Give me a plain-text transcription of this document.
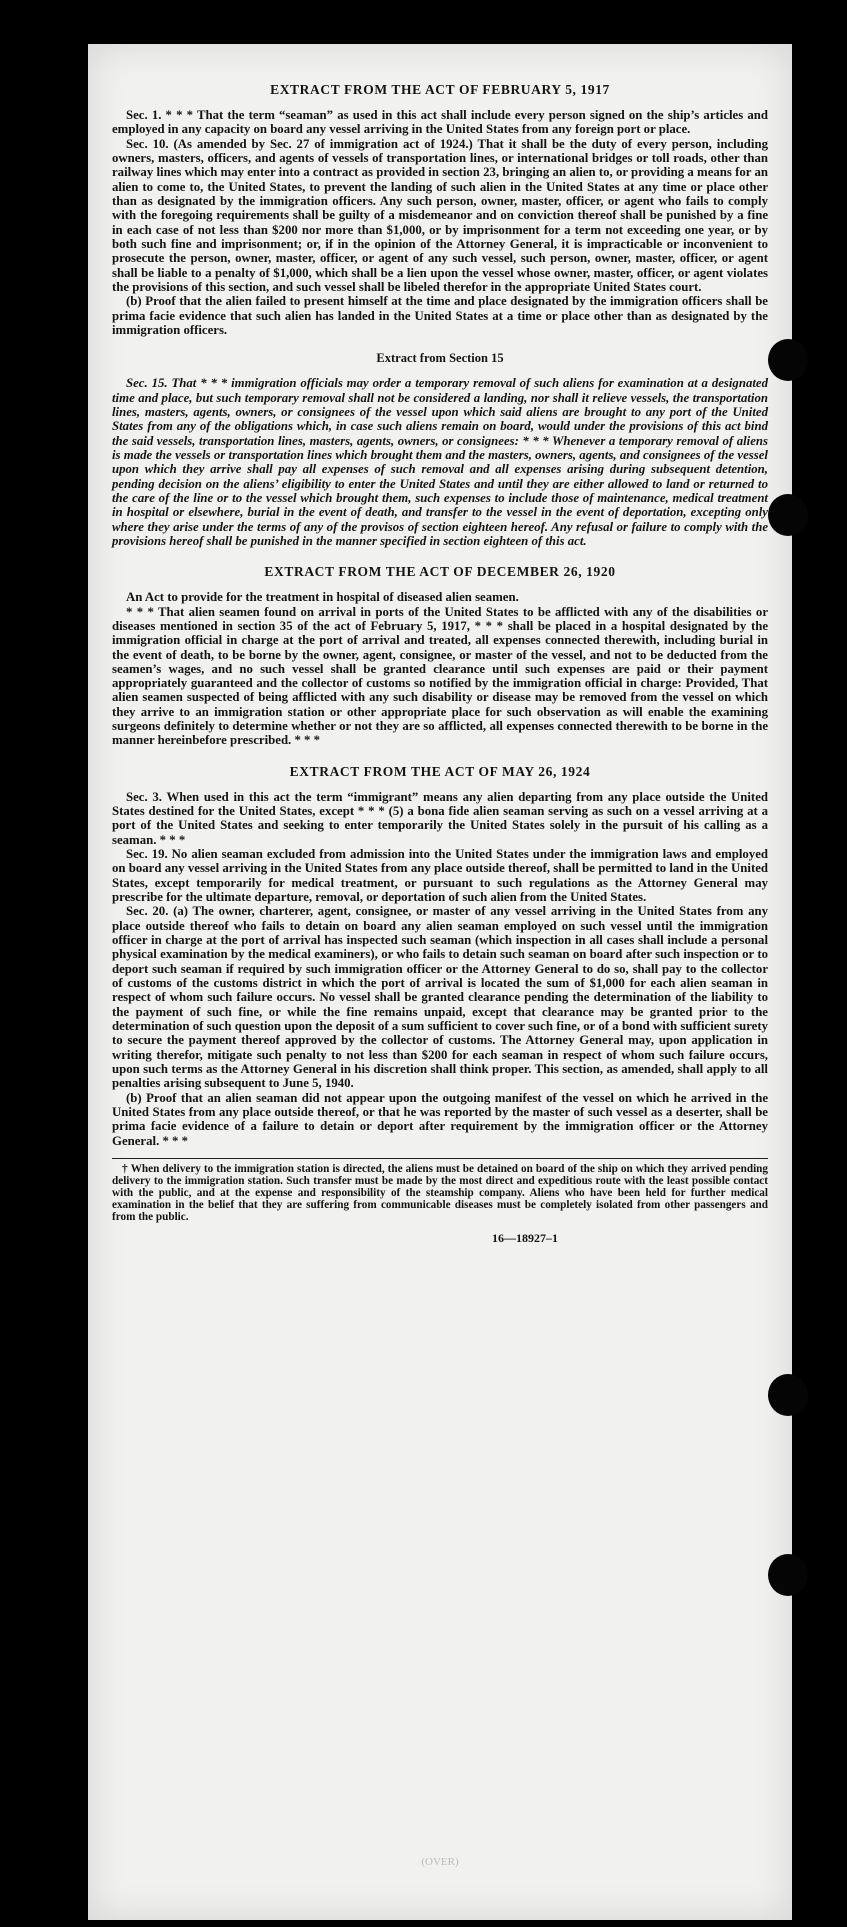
EXTRACT FROM THE ACT OF FEBRUARY 5, 1917

Sec. 1. * * * That the term “seaman” as used in this act shall include every person signed on the ship’s articles and employed in any capacity on board any vessel arriving in the United States from any foreign port or place.

Sec. 10. (As amended by Sec. 27 of immigration act of 1924.) That it shall be the duty of every person, including owners, masters, officers, and agents of vessels of transportation lines, or international bridges or toll roads, other than railway lines which may enter into a contract as provided in section 23, bringing an alien to, or providing a means for an alien to come to, the United States, to prevent the landing of such alien in the United States at any time or place other than as designated by the immigration officers. Any such person, owner, master, officer, or agent who fails to comply with the foregoing requirements shall be guilty of a misdemeanor and on conviction thereof shall be punished by a fine in each case of not less than $200 nor more than $1,000, or by imprisonment for a term not exceeding one year, or by both such fine and imprisonment; or, if in the opinion of the Attorney General, it is impracticable or inconvenient to prosecute the person, owner, master, officer, or agent of any such vessel, such person, owner, master, officer, or agent shall be liable to a penalty of $1,000, which shall be a lien upon the vessel whose owner, master, officer, or agent violates the provisions of this section, and such vessel shall be libeled therefor in the appropriate United States court.

(b) Proof that the alien failed to present himself at the time and place designated by the immigration officers shall be prima facie evidence that such alien has landed in the United States at a time or place other than as designated by the immigration officers.

Extract from Section 15

Sec. 15. That * * * immigration officials may order a temporary removal of such aliens for examination at a designated time and place, but such temporary removal shall not be considered a landing, nor shall it relieve vessels, the transportation lines, masters, agents, owners, or consignees of the vessel upon which said aliens are brought to any port of the United States from any of the obligations which, in case such aliens remain on board, would under the provisions of this act bind the said vessels, transportation lines, masters, agents, owners, or consignees: * * * Whenever a temporary removal of aliens is made the vessels or transportation lines which brought them and the masters, owners, agents, and consignees of the vessel upon which they arrive shall pay all expenses of such removal and all expenses arising during subsequent detention, pending decision on the aliens’ eligibility to enter the United States and until they are either allowed to land or returned to the care of the line or to the vessel which brought them, such expenses to include those of maintenance, medical treatment in hospital or elsewhere, burial in the event of death, and transfer to the vessel in the event of deportation, excepting only where they arise under the terms of any of the provisos of section eighteen hereof. Any refusal or failure to comply with the provisions hereof shall be punished in the manner specified in section eighteen of this act.

EXTRACT FROM THE ACT OF DECEMBER 26, 1920

An Act to provide for the treatment in hospital of diseased alien seamen.

* * * That alien seamen found on arrival in ports of the United States to be afflicted with any of the disabilities or diseases mentioned in section 35 of the act of February 5, 1917, * * * shall be placed in a hospital designated by the immigration official in charge at the port of arrival and treated, all expenses connected therewith, including burial in the event of death, to be borne by the owner, agent, consignee, or master of the vessel, and not to be deducted from the seamen’s wages, and no such vessel shall be granted clearance until such expenses are paid or their payment appropriately guaranteed and the collector of customs so notified by the immigration official in charge: Provided, That alien seamen suspected of being afflicted with any such disability or disease may be removed from the vessel on which they arrive to an immigration station or other appropriate place for such observation as will enable the examining surgeons definitely to determine whether or not they are so afflicted, all expenses connected therewith to be borne in the manner hereinbefore prescribed. * * *

EXTRACT FROM THE ACT OF MAY 26, 1924

Sec. 3. When used in this act the term “immigrant” means any alien departing from any place outside the United States destined for the United States, except * * * (5) a bona fide alien seaman serving as such on a vessel arriving at a port of the United States and seeking to enter temporarily the United States solely in the pursuit of his calling as a seaman. * * *

Sec. 19. No alien seaman excluded from admission into the United States under the immigration laws and employed on board any vessel arriving in the United States from any place outside thereof, shall be permitted to land in the United States, except temporarily for medical treatment, or pursuant to such regulations as the Attorney General may prescribe for the ultimate departure, removal, or deportation of such alien from the United States.

Sec. 20. (a) The owner, charterer, agent, consignee, or master of any vessel arriving in the United States from any place outside thereof who fails to detain on board any alien seaman employed on such vessel until the immigration officer in charge at the port of arrival has inspected such seaman (which inspection in all cases shall include a personal physical examination by the medical examiners), or who fails to detain such seaman on board after such inspection or to deport such seaman if required by such immigration officer or the Attorney General to do so, shall pay to the collector of customs of the customs district in which the port of arrival is located the sum of $1,000 for each alien seaman in respect of whom such failure occurs. No vessel shall be granted clearance pending the determination of the liability to the payment of such fine, or while the fine remains unpaid, except that clearance may be granted prior to the determination of such question upon the deposit of a sum sufficient to cover such fine, or of a bond with sufficient surety to secure the payment thereof approved by the collector of customs. The Attorney General may, upon application in writing therefor, mitigate such penalty to not less than $200 for each seaman in respect of whom such failure occurs, upon such terms as the Attorney General in his discretion shall think proper. This section, as amended, shall apply to all penalties arising subsequent to June 5, 1940.

(b) Proof that an alien seaman did not appear upon the outgoing manifest of the vessel on which he arrived in the United States from any place outside thereof, or that he was reported by the master of such vessel as a deserter, shall be prima facie evidence of a failure to detain or deport after requirement by the immigration officer or the Attorney General. * * *

† When delivery to the immigration station is directed, the aliens must be detained on board of the ship on which they arrived pending delivery to the immigration station. Such transfer must be made by the most direct and expeditious route with the least possible contact with the public, and at the expense and responsibility of the steamship company. Aliens who have been held for further medical examination in the belief that they are suffering from communicable diseases must be completely isolated from other passengers and from the public.

16—18927–1
(OVER)
